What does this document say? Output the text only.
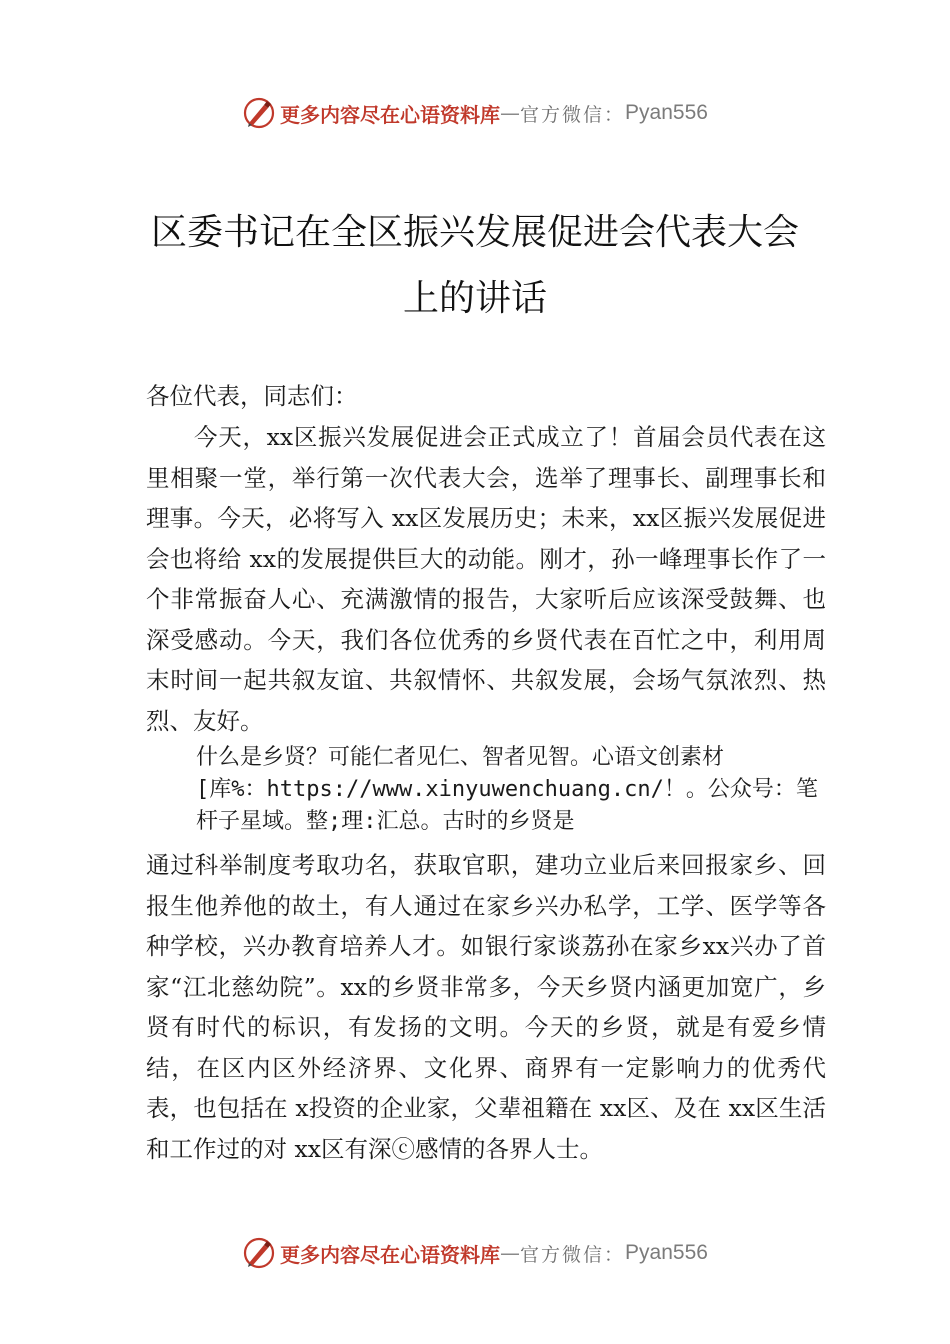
更多内容尽在心语资料库 — 官方微信： Pyan556
区委书记在全区振兴发展促进会代表大会
上的讲话
各位代表，同志们：
今天，xx区振兴发展促进会正式成立了！首届会员代表在这里相聚一堂，举行第一次代表大会，选举了理事长、副理事长和理事。今天，必将写入 xx区发展历史；未来，xx区振兴发展促进会也将给 xx的发展提供巨大的动能。刚才，孙一峰理事长作了一个非常振奋人心、充满激情的报告，大家听后应该深受鼓舞、也深受感动。今天，我们各位优秀的乡贤代表在百忙之中，利用周末时间一起共叙友谊、共叙情怀、共叙发展，会场气氛浓烈、热烈、友好。
什么是乡贤？可能仁者见仁、智者见智。心语文创素材
[库%：https://www.xinyuwenchuang.cn/！。公众号：笔
杆子星域。整;理:汇总。古时的乡贤是
通过科举制度考取功名，获取官职，建功立业后来回报家乡、回报生他养他的故土，有人通过在家乡兴办私学，工学、医学等各种学校，兴办教育培养人才。如银行家谈荔孙在家乡xx兴办了首家“江北慈幼院”。xx的乡贤非常多，今天乡贤内涵更加宽广，乡贤有时代的标识，有发扬的文明。今天的乡贤，就是有爱乡情结，在区内区外经济界、文化界、商界有一定影响力的优秀代表，也包括在 x投资的企业家，父辈祖籍在 xx区、及在 xx区生活和工作过的对 xx区有深ⓒ感情的各界人士。
更多内容尽在心语资料库 — 官方微信： Pyan556
